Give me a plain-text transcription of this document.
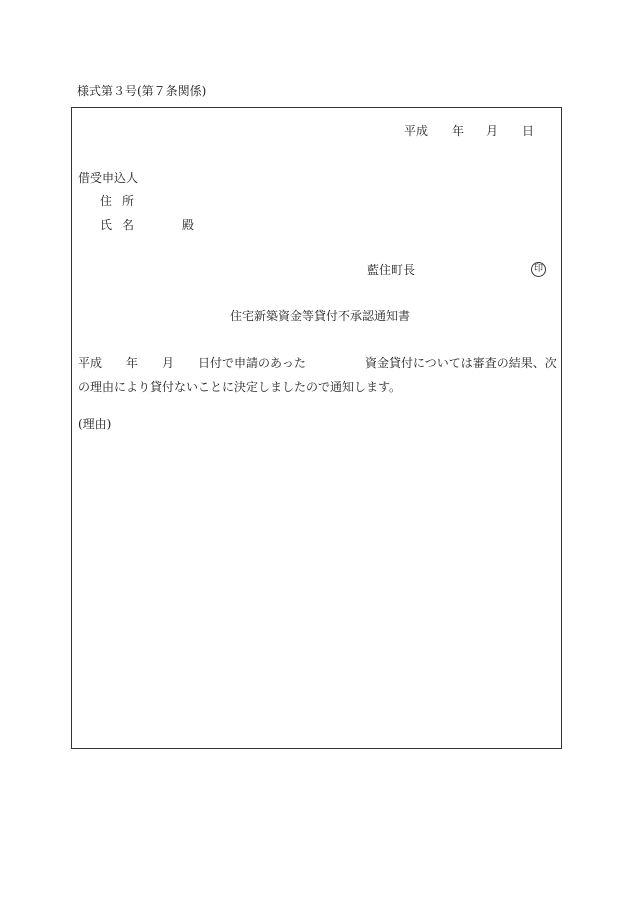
様式第３号(第７条関係)
平成 年 月 日
借受申込人
住所
氏名	殿
藍住町長	印
住宅新築資金等貸付不承認通知書
平成　　年　　月　　日付で申請のあった	資金貸付については審査の結果、次
の理由により貸付ないことに決定しましたので通知します。
(理由)
